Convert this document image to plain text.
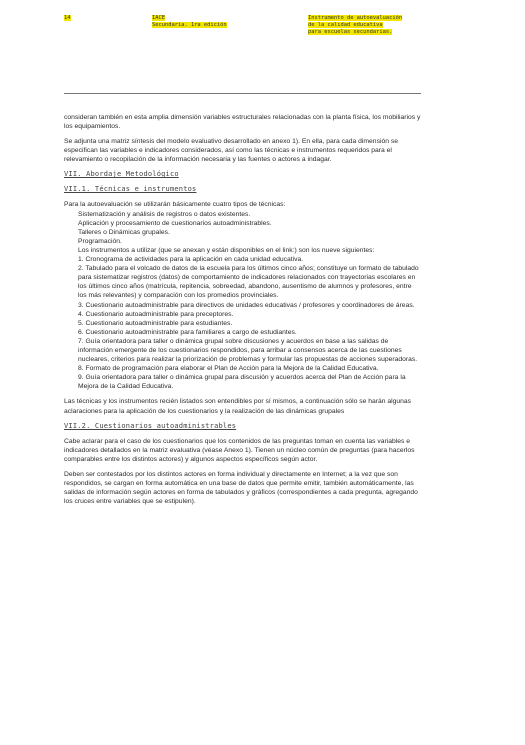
14	IACE
Secundaria. 1ra edición
Instrumento de autoevaluación
de la calidad educativa
para escuelas secundarias.

consideran también en esta amplia dimensión variables estructurales relacionadas con la planta física, los mobiliarios y los equipamientos.

Se adjunta una matriz síntesis del modelo evaluativo desarrollado en anexo 1). En ella, para cada dimensión se especifican las variables e indicadores considerados, así como las técnicas e instrumentos requeridos para el relevamiento o recopilación de la información necesaria y las fuentes o actores a indagar.

VII. Abordaje Metodológico
VII.1. Técnicas e instrumentos

Para la autoevaluación se utilizarán básicamente cuatro tipos de técnicas:

Sistematización y análisis de registros o datos existentes.

Aplicación y procesamiento de cuestionarios autoadministrables.

Talleres o Dinámicas grupales.

Programación.

Los instrumentos a utilizar (que se anexan y están disponibles en el link:) son los nueve siguientes:

1. Cronograma de actividades para la aplicación en cada unidad educativa.

2. Tabulado para el volcado de datos de la escuela para los últimos cinco años; constituye un formato de tabulado para sistematizar registros (datos) de comportamiento de indicadores relacionados con trayectorias escolares en los últimos cinco años (matrícula, repitencia, sobreedad, abandono, ausentismo de alumnos y profesores, entre los más relevantes) y comparación con los promedios provinciales.

3. Cuestionario autoadministrable para directivos de unidades educativas / profesores y coordinadores de áreas.

4. Cuestionario autoadministrable para preceptores.

5. Cuestionario autoadministrable para estudiantes.

6. Cuestionario autoadministrable para familiares a cargo de estudiantes.

7. Guía orientadora para taller o dinámica grupal sobre discusiones y acuerdos en base a las salidas de información emergente de los cuestionarios respondidos, para arribar a consensos acerca de las cuestiones nucleares, criterios para realizar la priorización de problemas y formular las propuestas de acciones superadoras.

8. Formato de programación para elaborar el Plan de Acción para la Mejora de la Calidad Educativa.

9. Guía orientadora para taller o dinámica grupal para discusión y acuerdos acerca del Plan de Acción para la Mejora de la Calidad Educativa.

Las técnicas y los instrumentos recién listados son entendibles por sí mismos, a continuación sólo se harán algunas aclaraciones para la aplicación de los cuestionarios y la realización de las dinámicas grupales

VII.2. Cuestionarios autoadministrables

Cabe aclarar para el caso de los cuestionarios que los contenidos de las preguntas toman en cuenta las variables e indicadores detallados en la matriz evaluativa (véase Anexo 1). Tienen un núcleo común de preguntas (para hacerlos comparables entre los distintos actores) y algunos aspectos específicos según actor.

Deben ser contestados por los distintos actores en forma individual y directamente en Internet; a la vez que son respondidos, se cargan en forma automática en una base de datos que permite emitir, también automáticamente, las salidas de información según actores en forma de tabulados y gráficos (correspondientes a cada pregunta, agregando los cruces entre variables que se estipulen).
